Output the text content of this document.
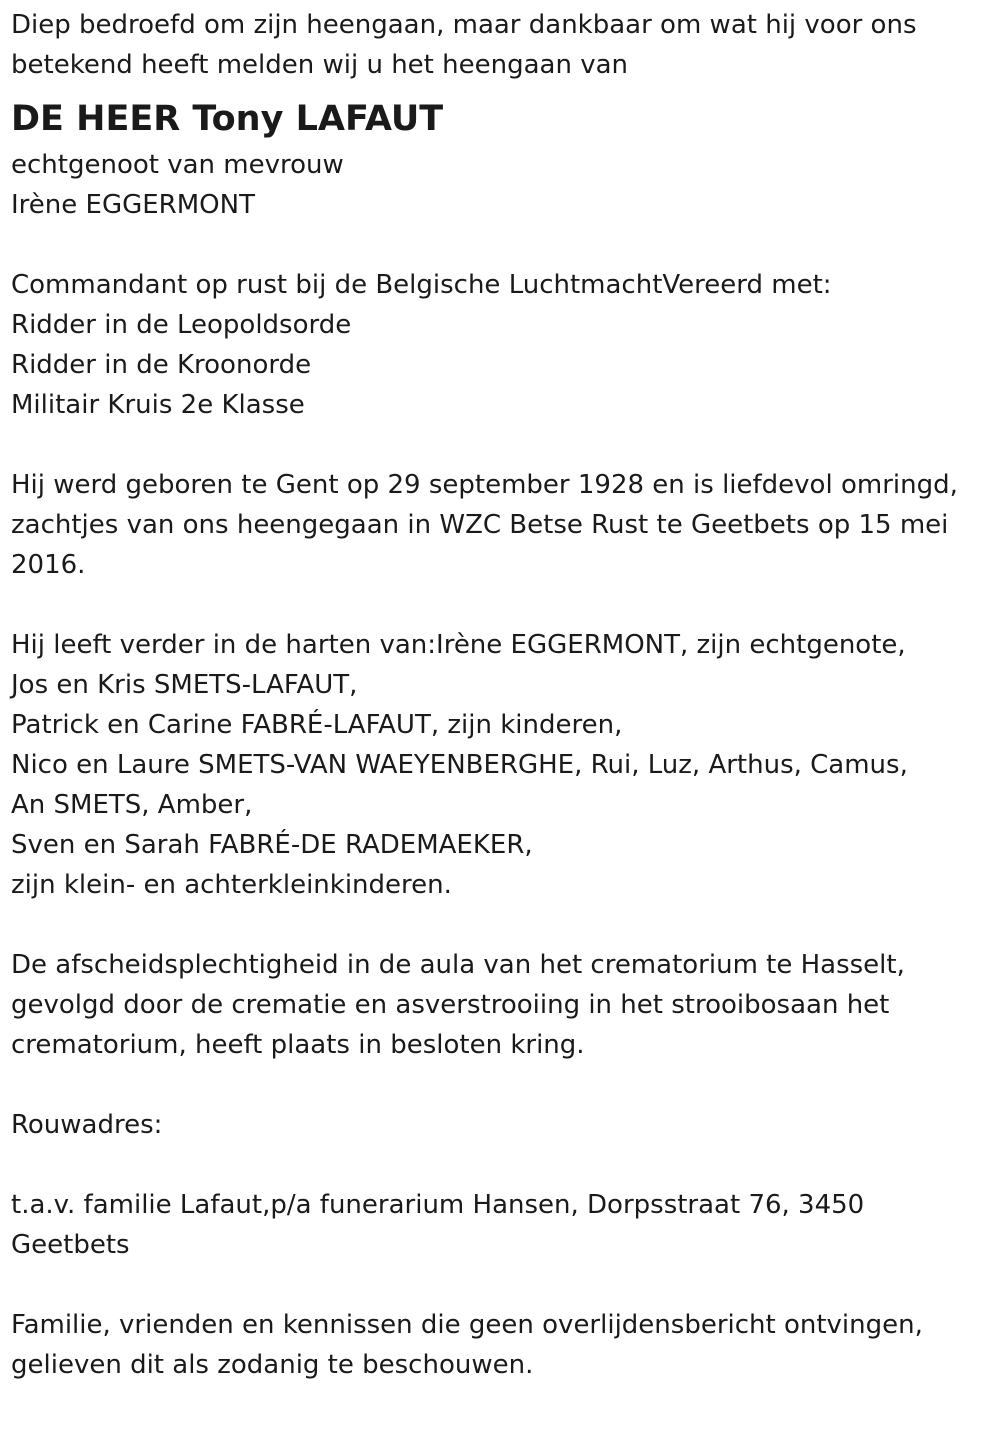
Diep bedroefd om zijn heengaan, maar dankbaar om wat hij voor ons
betekend heeft melden wij u het heengaan van
DE HEER Tony LAFAUT
echtgenoot van mevrouw
Irène EGGERMONT
Commandant op rust bij de Belgische LuchtmachtVereerd met:
Ridder in de Leopoldsorde
Ridder in de Kroonorde
Militair Kruis 2e Klasse
Hij werd geboren te Gent op 29 september 1928 en is liefdevol omringd,
zachtjes van ons heengegaan in WZC Betse Rust te Geetbets op 15 mei
2016.
Hij leeft verder in de harten van:Irène EGGERMONT, zijn echtgenote,
Jos en Kris SMETS-LAFAUT,
Patrick en Carine FABRÉ-LAFAUT, zijn kinderen,
Nico en Laure SMETS-VAN WAEYENBERGHE, Rui, Luz, Arthus, Camus,
An SMETS, Amber,
Sven en Sarah FABRÉ-DE RADEMAEKER,
zijn klein- en achterkleinkinderen.
De afscheidsplechtigheid in de aula van het crematorium te Hasselt,
gevolgd door de crematie en asverstrooiing in het strooibosaan het
crematorium, heeft plaats in besloten kring.
Rouwadres:
t.a.v. familie Lafaut,p/a funerarium Hansen, Dorpsstraat 76, 3450
Geetbets
Familie, vrienden en kennissen die geen overlijdensbericht ontvingen,
gelieven dit als zodanig te beschouwen.
